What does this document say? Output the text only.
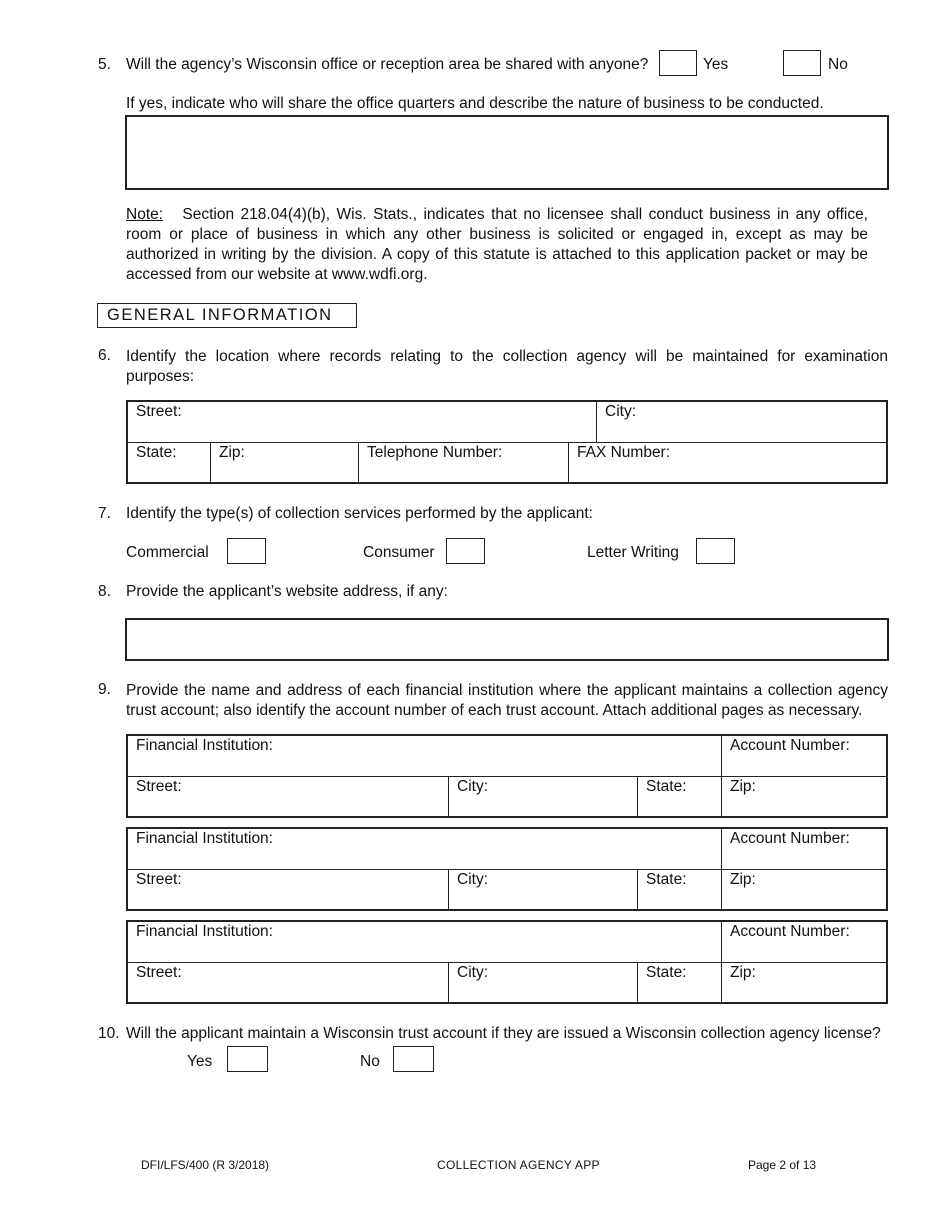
5. Will the agency’s Wisconsin office or reception area be shared with anyone?	Yes	No
If yes, indicate who will share the office quarters and describe the nature of business to be conducted.
Note: Section 218.04(4)(b), Wis. Stats., indicates that no licensee shall conduct business in any office, room or place of business in which any other business is solicited or engaged in, except as may be authorized in writing by the division. A copy of this statute is attached to this application packet or may be accessed from our website at www.wdfi.org.
GENERAL INFORMATION
6. Identify the location where records relating to the collection agency will be maintained for examination purposes:
Street:	City:
State:	Zip:	Telephone Number:	FAX Number:
7. Identify the type(s) of collection services performed by the applicant:
Commercial	Consumer	Letter Writing
8. Provide the applicant’s website address, if any:
9. Provide the name and address of each financial institution where the applicant maintains a collection agency trust account; also identify the account number of each trust account. Attach additional pages as necessary.
Financial Institution:	Account Number:
Street:	City:	State:	Zip:
Financial Institution:	Account Number:
Street:	City:	State:	Zip:
Financial Institution:	Account Number:
Street:	City:	State:	Zip:
10. Will the applicant maintain a Wisconsin trust account if they are issued a Wisconsin collection agency license?
Yes	No
DFI/LFS/400 (R 3/2018)	COLLECTION AGENCY APP	Page 2 of 13
